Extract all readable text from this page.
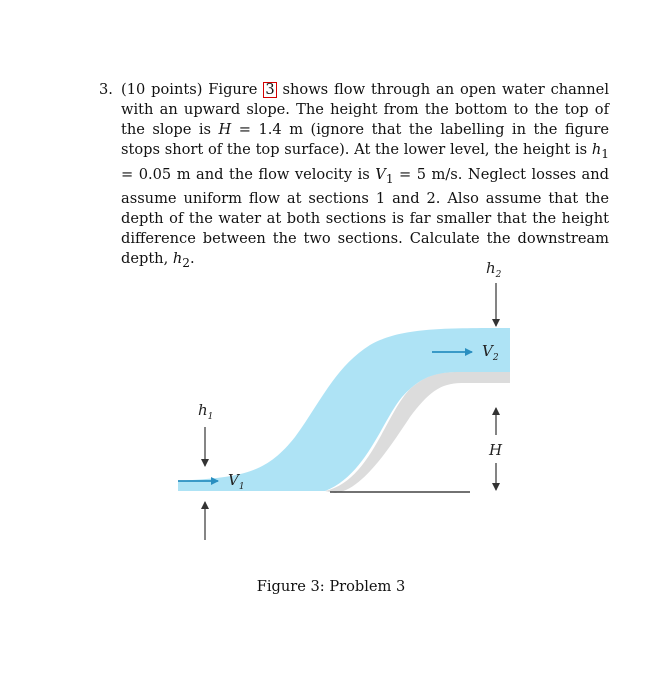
3. (10 points) Figure 3 shows flow through an open water channel with an upward slope. The height from the bottom to the top of the slope is H = 1.4 m (ignore that the labelling in the figure stops short of the top surface). At the lower level, the height is $h_1 = 0.05$ m and the flow velocity is $V_1 = 5$ m/s. Neglect losses and assume uniform flow at sections 1 and 2. Also assume that the depth of the water at both sections is far smaller that the height difference between the two sections. Calculate the downstream depth, $h_2$.
$h_1$
$V_1$
$h_2$
$V_2$
H
Figure 3: Problem 3
